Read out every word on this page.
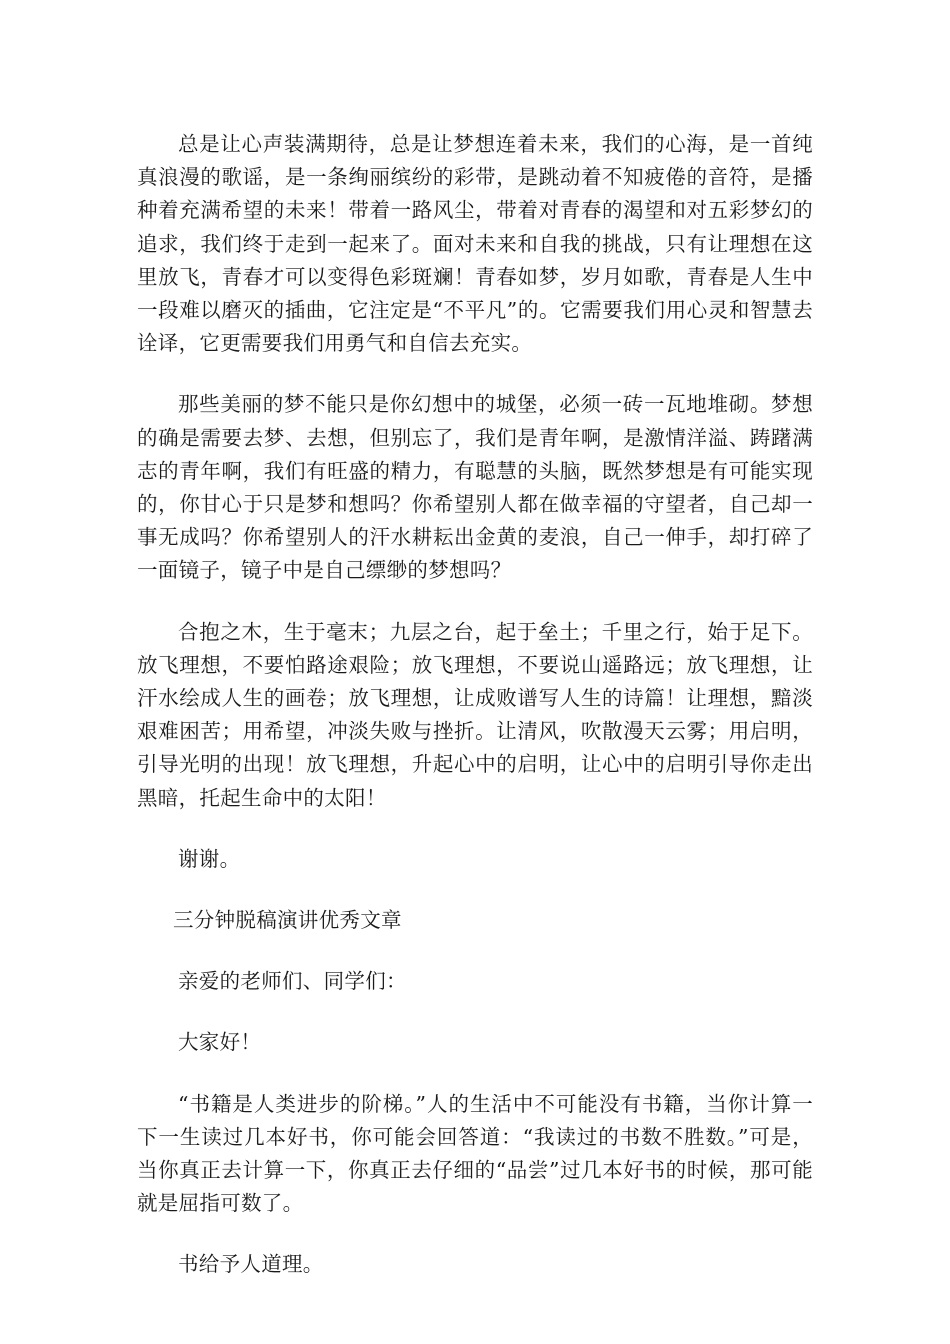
总是让心声装满期待，总是让梦想连着未来，我们的心海，是一首纯真浪漫的歌谣，是一条绚丽缤纷的彩带，是跳动着不知疲倦的音符，是播种着充满希望的未来！带着一路风尘，带着对青春的渴望和对五彩梦幻的追求，我们终于走到一起来了。面对未来和自我的挑战，只有让理想在这里放飞，青春才可以变得色彩斑斓！青春如梦，岁月如歌，青春是人生中一段难以磨灭的插曲，它注定是“不平凡”的。它需要我们用心灵和智慧去诠译，它更需要我们用勇气和自信去充实。

那些美丽的梦不能只是你幻想中的城堡，必须一砖一瓦地堆砌。梦想的确是需要去梦、去想，但别忘了，我们是青年啊，是激情洋溢、踌躇满志的青年啊，我们有旺盛的精力，有聪慧的头脑，既然梦想是有可能实现的，你甘心于只是梦和想吗？你希望别人都在做幸福的守望者，自己却一事无成吗？你希望别人的汗水耕耘出金黄的麦浪，自己一伸手，却打碎了一面镜子，镜子中是自己缥缈的梦想吗？

合抱之木，生于毫末；九层之台，起于垒土；千里之行，始于足下。放飞理想，不要怕路途艰险；放飞理想，不要说山遥路远；放飞理想，让汗水绘成人生的画卷；放飞理想，让成败谱写人生的诗篇！让理想，黯淡艰难困苦；用希望，冲淡失败与挫折。让清风，吹散漫天云雾；用启明，引导光明的出现！放飞理想，升起心中的启明，让心中的启明引导你走出黑暗，托起生命中的太阳！

谢谢。

三分钟脱稿演讲优秀文章

亲爱的老师们、同学们：

大家好！

“书籍是人类进步的阶梯。”人的生活中不可能没有书籍，当你计算一下一生读过几本好书，你可能会回答道：“我读过的书数不胜数。”可是，当你真正去计算一下，你真正去仔细的“品尝”过几本好书的时候，那可能就是屈指可数了。

书给予人道理。
